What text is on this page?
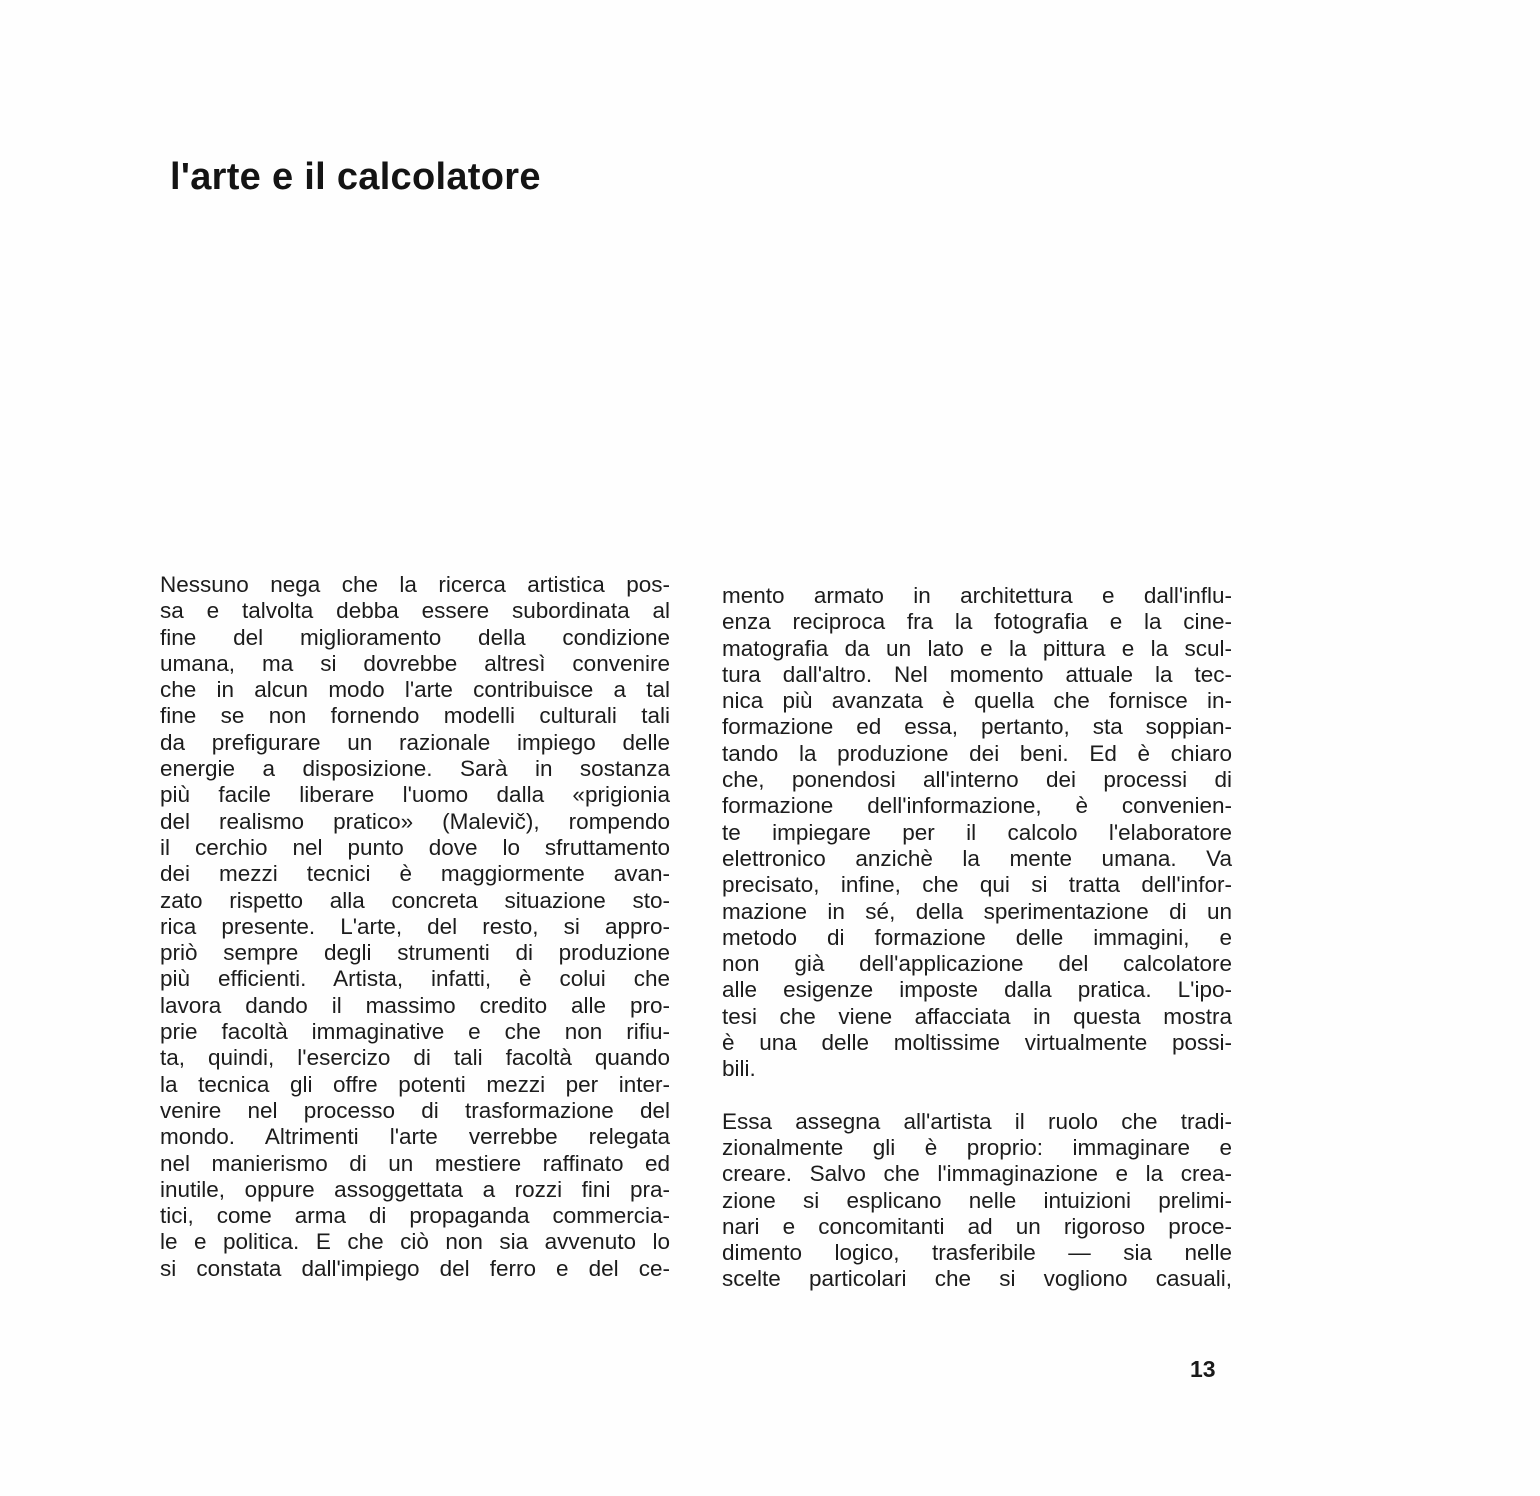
l'arte e il calcolatore
Nessuno nega che la ricerca artistica pos-
sa e talvolta debba essere subordinata al
fine del miglioramento della condizione
umana, ma si dovrebbe altresì convenire
che in alcun modo l'arte contribuisce a tal
fine se non fornendo modelli culturali tali
da prefigurare un razionale impiego delle
energie a disposizione. Sarà in sostanza
più facile liberare l'uomo dalla «prigionia
del realismo pratico» (Malevič), rompendo
il cerchio nel punto dove lo sfruttamento
dei mezzi tecnici è maggiormente avan-
zato rispetto alla concreta situazione sto-
rica presente. L'arte, del resto, si appro-
priò sempre degli strumenti di produzione
più efficienti. Artista, infatti, è colui che
lavora dando il massimo credito alle pro-
prie facoltà immaginative e che non rifiu-
ta, quindi, l'esercizo di tali facoltà quando
la tecnica gli offre potenti mezzi per inter-
venire nel processo di trasformazione del
mondo. Altrimenti l'arte verrebbe relegata
nel manierismo di un mestiere raffinato ed
inutile, oppure assoggettata a rozzi fini pra-
tici, come arma di propaganda commercia-
le e politica. E che ciò non sia avvenuto lo
si constata dall'impiego del ferro e del ce-
mento armato in architettura e dall'influ-
enza reciproca fra la fotografia e la cine-
matografia da un lato e la pittura e la scul-
tura dall'altro. Nel momento attuale la tec-
nica più avanzata è quella che fornisce in-
formazione ed essa, pertanto, sta soppian-
tando la produzione dei beni. Ed è chiaro
che, ponendosi all'interno dei processi di
formazione dell'informazione, è convenien-
te impiegare per il calcolo l'elaboratore
elettronico anzichè la mente umana. Va
precisato, infine, che qui si tratta dell'infor-
mazione in sé, della sperimentazione di un
metodo di formazione delle immagini, e
non già dell'applicazione del calcolatore
alle esigenze imposte dalla pratica. L'ipo-
tesi che viene affacciata in questa mostra
è una delle moltissime virtualmente possi-
bili.
Essa assegna all'artista il ruolo che tradi-
zionalmente gli è proprio: immaginare e
creare. Salvo che l'immaginazione e la crea-
zione si esplicano nelle intuizioni prelimi-
nari e concomitanti ad un rigoroso proce-
dimento logico, trasferibile — sia nelle
scelte particolari che si vogliono casuali,
13
